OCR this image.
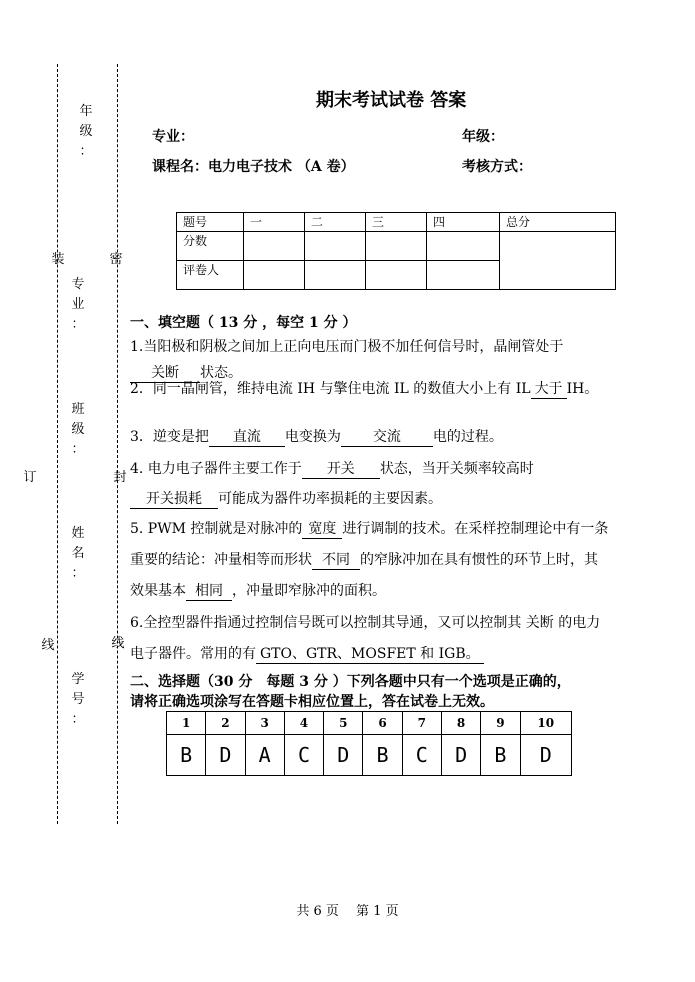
年
级
：
专
业
：
班
级
：
姓
名
：
学
号
：
装
订
线
密
封
线
期末考试试卷 答案
专业：	年级：
课程名：电力电子技术 （A 卷）	考核方式：
题号	一	二	三	四	总分
分数					
评卷人					
一、填空题（ 13 分 ，每空 1 分 ）
1.当阳极和阴极之间加上正向电压而门极不加任何信号时，晶闸管处于关断 状态。
2．同一晶闸管，维持电流 IH 与擎住电流 IL 的数值大小上有 IL 大于 IH。
3．逆变是把 直流 电变换为 交流 电的过程。
4. 电力电子器件主要工作于 开关 状态，当开关频率较高时开关损耗 可能成为器件功率损耗的主要因素。
5. PWM 控制就是对脉冲的 宽度 进行调制的技术。在采样控制理论中有一条重要的结论：冲量相等而形状 不同 的窄脉冲加在具有惯性的环节上时，其效果基本 相同 ，冲量即窄脉冲的面积。
6.全控型器件指通过控制信号既可以控制其导通，又可以控制其 关断 的电力电子器件。常用的有 GTO、GTR、MOSFET 和 IGB。
二、选择题（30 分　每题 3 分 ）下列各题中只有一个选项是正确的，
请将正确选项涂写在答题卡相应位置上，答在试卷上无效。
1	2	3	4	5	6	7	8	9	10
B	D	A	C	D	B	C	D	B	D
共 6 页　 第 1 页
